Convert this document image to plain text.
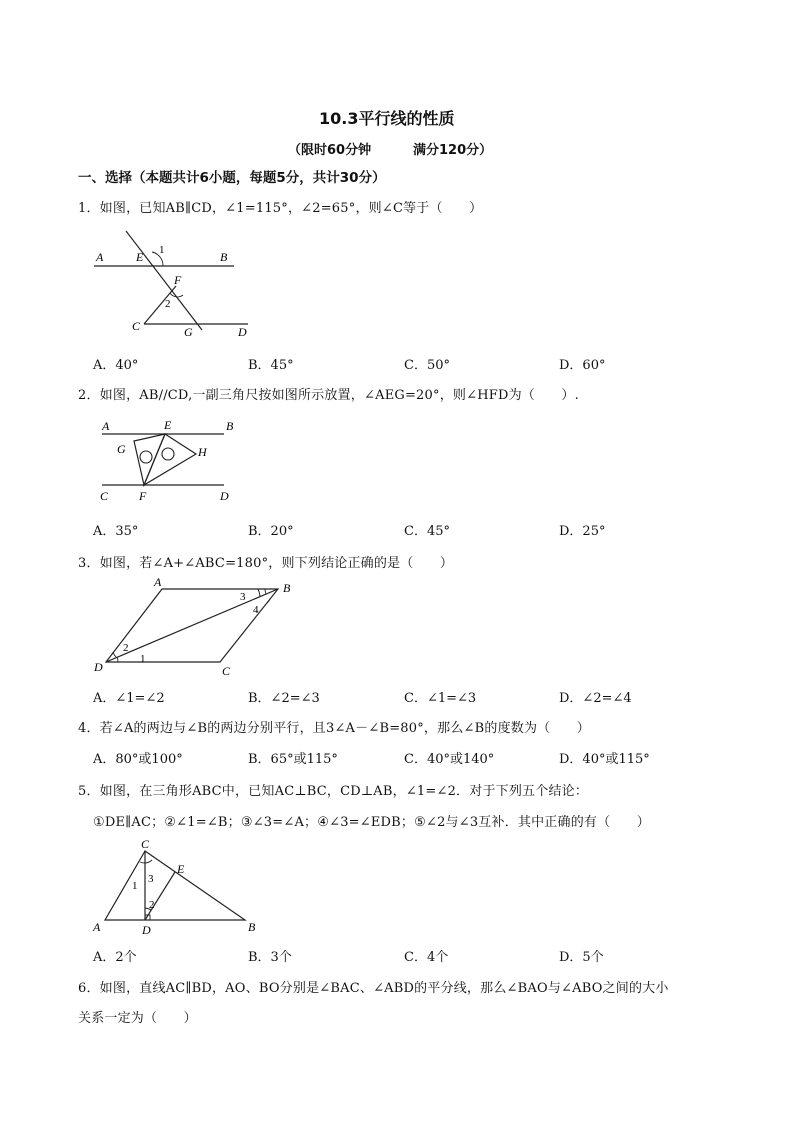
10.3平行线的性质
（限时60分钟	满分120分）
一、选择（本题共计6小题，每题5分，共计30分）
1．如图，已知AB∥CD，∠1=115°，∠2=65°，则∠C等于（　　）
A	E	B
F
C	G	D
1
2
A．40°	B．45°	C．50°	D．60°
2．如图，AB//CD,一副三角尺按如图所示放置，∠AEG=20°，则∠HFD为（　　）.
A	E	B
G	H
C	F	D
A．35°	B．20°	C．45°	D．25°
3．如图，若∠A+∠ABC=180°，则下列结论正确的是（　　）
A	B
C
D
3
4
2
1
A．∠1=∠2	B．∠2=∠3	C．∠1=∠3	D．∠2=∠4
4．若∠A的两边与∠B的两边分别平行，且3∠A－∠B=80°，那么∠B的度数为（　　）
A．80°或100°	B．65°或115°	C．40°或140°	D．40°或115°
5．如图，在三角形ABC中，已知AC⊥BC，CD⊥AB，∠1=∠2．对于下列五个结论：
①DE∥AC；②∠1=∠B；③∠3=∠A；④∠3=∠EDB；⑤∠2与∠3互补．其中正确的有（　　）
C
E
A	D	B
1
3
2
A．2个	B．3个	C．4个	D．5个
6．如图，直线AC∥BD，AO、BO分别是∠BAC、∠ABD的平分线，那么∠BAO与∠ABO之间的大小
关系一定为（　　）
